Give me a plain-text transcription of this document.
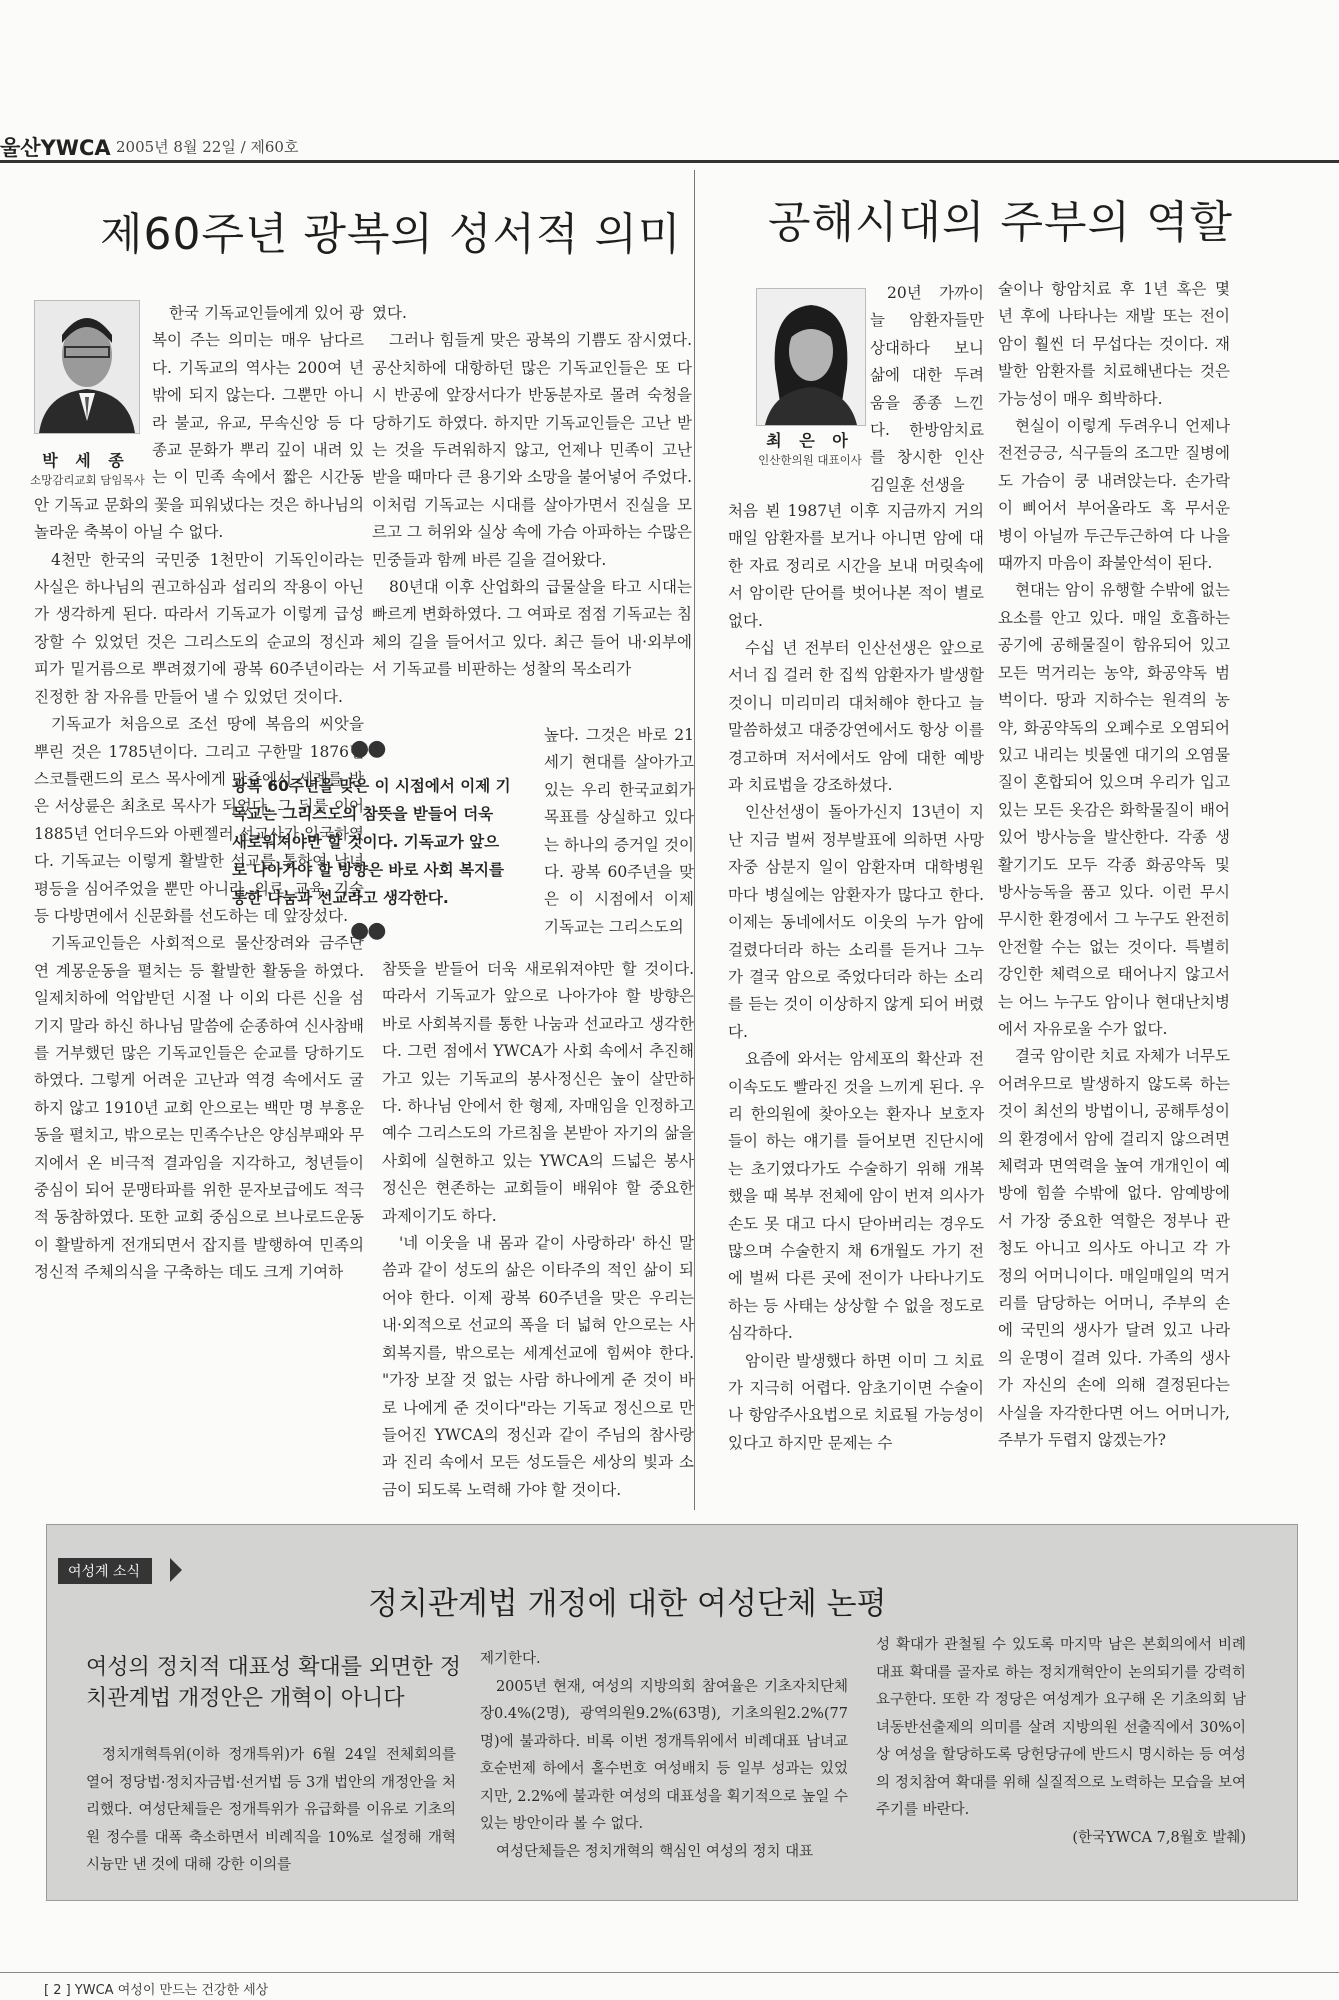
울산YWCA 2005년 8월 22일 / 제60호
제60주년 광복의 성서적 의미
박 세 종
소망감리교회 담임목사

한국 기독교인들에게 있어 광복이 주는 의미는 매우 남다르다. 기독교의 역사는 200여 년 밖에 되지 않는다. 그뿐만 아니라 불교, 유교, 무속신앙 등 다종교 문화가 뿌리 깊이 내려 있는 이 민족 속에서 짧은 시간동안 기독교 문화의 꽃을 피워냈다는 것은 하나님의 놀라운 축복이 아닐 수 없다.

4천만 한국의 국민중 1천만이 기독인이라는 사실은 하나님의 권고하심과 섭리의 작용이 아닌가 생각하게 된다. 따라서 기독교가 이렇게 급성장할 수 있었던 것은 그리스도의 순교의 정신과 피가 밑거름으로 뿌려졌기에 광복 60주년이라는 진정한 참 자유를 만들어 낼 수 있었던 것이다.

기독교가 처음으로 조선 땅에 복음의 씨앗을 뿌린 것은 1785년이다. 그리고 구한말 1876년 스코틀랜드의 로스 목사에게 만주에서 세례를 받은 서상륜은 최초로 목사가 되었다. 그 뒤를 이어 1885년 언더우드와 아펜젤러 선교사가 입국하였다. 기독교는 이렇게 활발한 선교를 통하여 남녀평등을 심어주었을 뿐만 아니라, 의료, 교육, 기술 등 다방면에서 신문화를 선도하는 데 앞장섰다.

기독교인들은 사회적으로 물산장려와 금주단연 계몽운동을 펼치는 등 활발한 활동을 하였다. 일제치하에 억압받던 시절 나 이외 다른 신을 섬기지 말라 하신 하나님 말씀에 순종하여 신사참배를 거부했던 많은 기독교인들은 순교를 당하기도 하였다. 그렇게 어려운 고난과 역경 속에서도 굴하지 않고 1910년 교회 안으로는 백만 명 부흥운동을 펼치고, 밖으로는 민족수난은 양심부패와 무지에서 온 비극적 결과임을 지각하고, 청년들이 중심이 되어 문맹타파를 위한 문자보급에도 적극적 동참하였다. 또한 교회 중심으로 브나로드운동이 활발하게 전개되면서 잡지를 발행하여 민족의 정신적 주체의식을 구축하는 데도 크게 기여하

였다.

그러나 힘들게 맞은 광복의 기쁨도 잠시였다. 공산치하에 대항하던 많은 기독교인들은 또 다시 반공에 앞장서다가 반동분자로 몰려 숙청을 당하기도 하였다. 하지만 기독교인들은 고난 받는 것을 두려워하지 않고, 언제나 민족이 고난 받을 때마다 큰 용기와 소망을 불어넣어 주었다. 이처럼 기독교는 시대를 살아가면서 진실을 모르고 그 허위와 실상 속에 가슴 아파하는 수많은 민중들과 함께 바른 길을 걸어왔다.

80년대 이후 산업화의 급물살을 타고 시대는 빠르게 변화하였다. 그 여파로 점점 기독교는 침체의 길을 들어서고 있다. 최근 들어 내·외부에서 기독교를 비판하는 성찰의 목소리가

●●
광복 60주년을 맞은 이 시점에서 이제 기독교는 그리스도의 참뜻을 받들어 더욱 새로워져야만 할 것이다. 기독교가 앞으로 나아가야 할 방향은 바로 사회 복지를 통한 나눔과 선교라고 생각한다.
●●

높다. 그것은 바로 21세기 현대를 살아가고 있는 우리 한국교회가 목표를 상실하고 있다는 하나의 증거일 것이다. 광복 60주년을 맞은 이 시점에서 이제 기독교는 그리스도의

참뜻을 받들어 더욱 새로워져야만 할 것이다. 따라서 기독교가 앞으로 나아가야 할 방향은 바로 사회복지를 통한 나눔과 선교라고 생각한다. 그런 점에서 YWCA가 사회 속에서 추진해가고 있는 기독교의 봉사정신은 높이 살만하다. 하나님 안에서 한 형제, 자매임을 인정하고 예수 그리스도의 가르침을 본받아 자기의 삶을 사회에 실현하고 있는 YWCA의 드넓은 봉사정신은 현존하는 교회들이 배워야 할 중요한 과제이기도 하다.

'네 이웃을 내 몸과 같이 사랑하라' 하신 말씀과 같이 성도의 삶은 이타주의 적인 삶이 되어야 한다. 이제 광복 60주년을 맞은 우리는 내·외적으로 선교의 폭을 더 넓혀 안으로는 사회복지를, 밖으로는 세계선교에 힘써야 한다. "가장 보잘 것 없는 사람 하나에게 준 것이 바로 나에게 준 것이다"라는 기독교 정신으로 만들어진 YWCA의 정신과 같이 주님의 참사랑과 진리 속에서 모든 성도들은 세상의 빛과 소금이 되도록 노력해 가야 할 것이다.

공해시대의 주부의 역할
최 은 아
인산한의원 대표이사

20년 가까이 늘 암환자들만 상대하다 보니 삶에 대한 두려움을 종종 느낀다. 한방암치료를 창시한 인산 김일훈 선생을

처음 뵌 1987년 이후 지금까지 거의 매일 암환자를 보거나 아니면 암에 대한 자료 정리로 시간을 보내 머릿속에서 암이란 단어를 벗어나본 적이 별로 없다.

수십 년 전부터 인산선생은 앞으로 서너 집 걸러 한 집씩 암환자가 발생할 것이니 미리미리 대처해야 한다고 늘 말씀하셨고 대중강연에서도 항상 이를 경고하며 저서에서도 암에 대한 예방과 치료법을 강조하셨다.

인산선생이 돌아가신지 13년이 지난 지금 벌써 정부발표에 의하면 사망자중 삼분지 일이 암환자며 대학병원마다 병실에는 암환자가 많다고 한다. 이제는 동네에서도 이웃의 누가 암에 걸렸다더라 하는 소리를 듣거나 그누가 결국 암으로 죽었다더라 하는 소리를 듣는 것이 이상하지 않게 되어 버렸다.

요즘에 와서는 암세포의 확산과 전이속도도 빨라진 것을 느끼게 된다. 우리 한의원에 찾아오는 환자나 보호자들이 하는 얘기를 들어보면 진단시에는 초기였다가도 수술하기 위해 개복했을 때 복부 전체에 암이 번져 의사가 손도 못 대고 다시 닫아버리는 경우도 많으며 수술한지 채 6개월도 가기 전에 벌써 다른 곳에 전이가 나타나기도 하는 등 사태는 상상할 수 없을 정도로 심각하다.

암이란 발생했다 하면 이미 그 치료가 지극히 어렵다. 암초기이면 수술이나 항암주사요법으로 치료될 가능성이 있다고 하지만 문제는 수

술이나 항암치료 후 1년 혹은 몇 년 후에 나타나는 재발 또는 전이암이 훨씬 더 무섭다는 것이다. 재발한 암환자를 치료해낸다는 것은 가능성이 매우 희박하다.

현실이 이렇게 두려우니 언제나 전전긍긍, 식구들의 조그만 질병에도 가슴이 쿵 내려앉는다. 손가락이 삐어서 부어올라도 혹 무서운 병이 아닐까 두근두근하여 다 나을 때까지 마음이 좌불안석이 된다.

현대는 암이 유행할 수밖에 없는 요소를 안고 있다. 매일 호흡하는 공기에 공해물질이 함유되어 있고 모든 먹거리는 농약, 화공약독 범벅이다. 땅과 지하수는 원격의 농약, 화공약독의 오폐수로 오염되어 있고 내리는 빗물엔 대기의 오염물질이 혼합되어 있으며 우리가 입고 있는 모든 옷감은 화학물질이 배어 있어 방사능을 발산한다. 각종 생활기기도 모두 각종 화공약독 및 방사능독을 품고 있다. 이런 무시무시한 환경에서 그 누구도 완전히 안전할 수는 없는 것이다. 특별히 강인한 체력으로 태어나지 않고서는 어느 누구도 암이나 현대난치병에서 자유로울 수가 없다.

결국 암이란 치료 자체가 너무도 어려우므로 발생하지 않도록 하는 것이 최선의 방법이니, 공해투성이의 환경에서 암에 걸리지 않으려면 체력과 면역력을 높여 개개인이 예방에 힘쓸 수밖에 없다. 암예방에서 가장 중요한 역할은 정부나 관청도 아니고 의사도 아니고 각 가정의 어머니이다. 매일매일의 먹거리를 담당하는 어머니, 주부의 손에 국민의 생사가 달려 있고 나라의 운명이 걸려 있다. 가족의 생사가 자신의 손에 의해 결정된다는 사실을 자각한다면 어느 어머니가, 주부가 두렵지 않겠는가?

여성계 소식
정치관계법 개정에 대한 여성단체 논평
여성의 정치적 대표성 확대를 외면한 정치관계법 개정안은 개혁이 아니다

정치개혁특위(이하 정개특위)가 6월 24일 전체회의를 열어 정당법·정치자금법·선거법 등 3개 법안의 개정안을 처리했다. 여성단체들은 정개특위가 유급화를 이유로 기초의원 정수를 대폭 축소하면서 비례직을 10%로 설정해 개혁 시늉만 낸 것에 대해 강한 이의를

제기한다.

2005년 현재, 여성의 지방의회 참여율은 기초자치단체장0.4%(2명), 광역의원9.2%(63명), 기초의원2.2%(77명)에 불과하다. 비록 이번 정개특위에서 비례대표 남녀교호순번제 하에서 홀수번호 여성배치 등 일부 성과는 있었지만, 2.2%에 불과한 여성의 대표성을 획기적으로 높일 수 있는 방안이라 볼 수 없다.

여성단체들은 정치개혁의 핵심인 여성의 정치 대표

성 확대가 관철될 수 있도록 마지막 남은 본회의에서 비례대표 확대를 골자로 하는 정치개혁안이 논의되기를 강력히 요구한다. 또한 각 정당은 여성계가 요구해 온 기초의회 남녀동반선출제의 의미를 살려 지방의원 선출직에서 30%이상 여성을 할당하도록 당헌당규에 반드시 명시하는 등 여성의 정치참여 확대를 위해 실질적으로 노력하는 모습을 보여주기를 바란다.

(한국YWCA 7,8월호 발췌)
[ 2 ] YWCA 여성이 만드는 건강한 세상
